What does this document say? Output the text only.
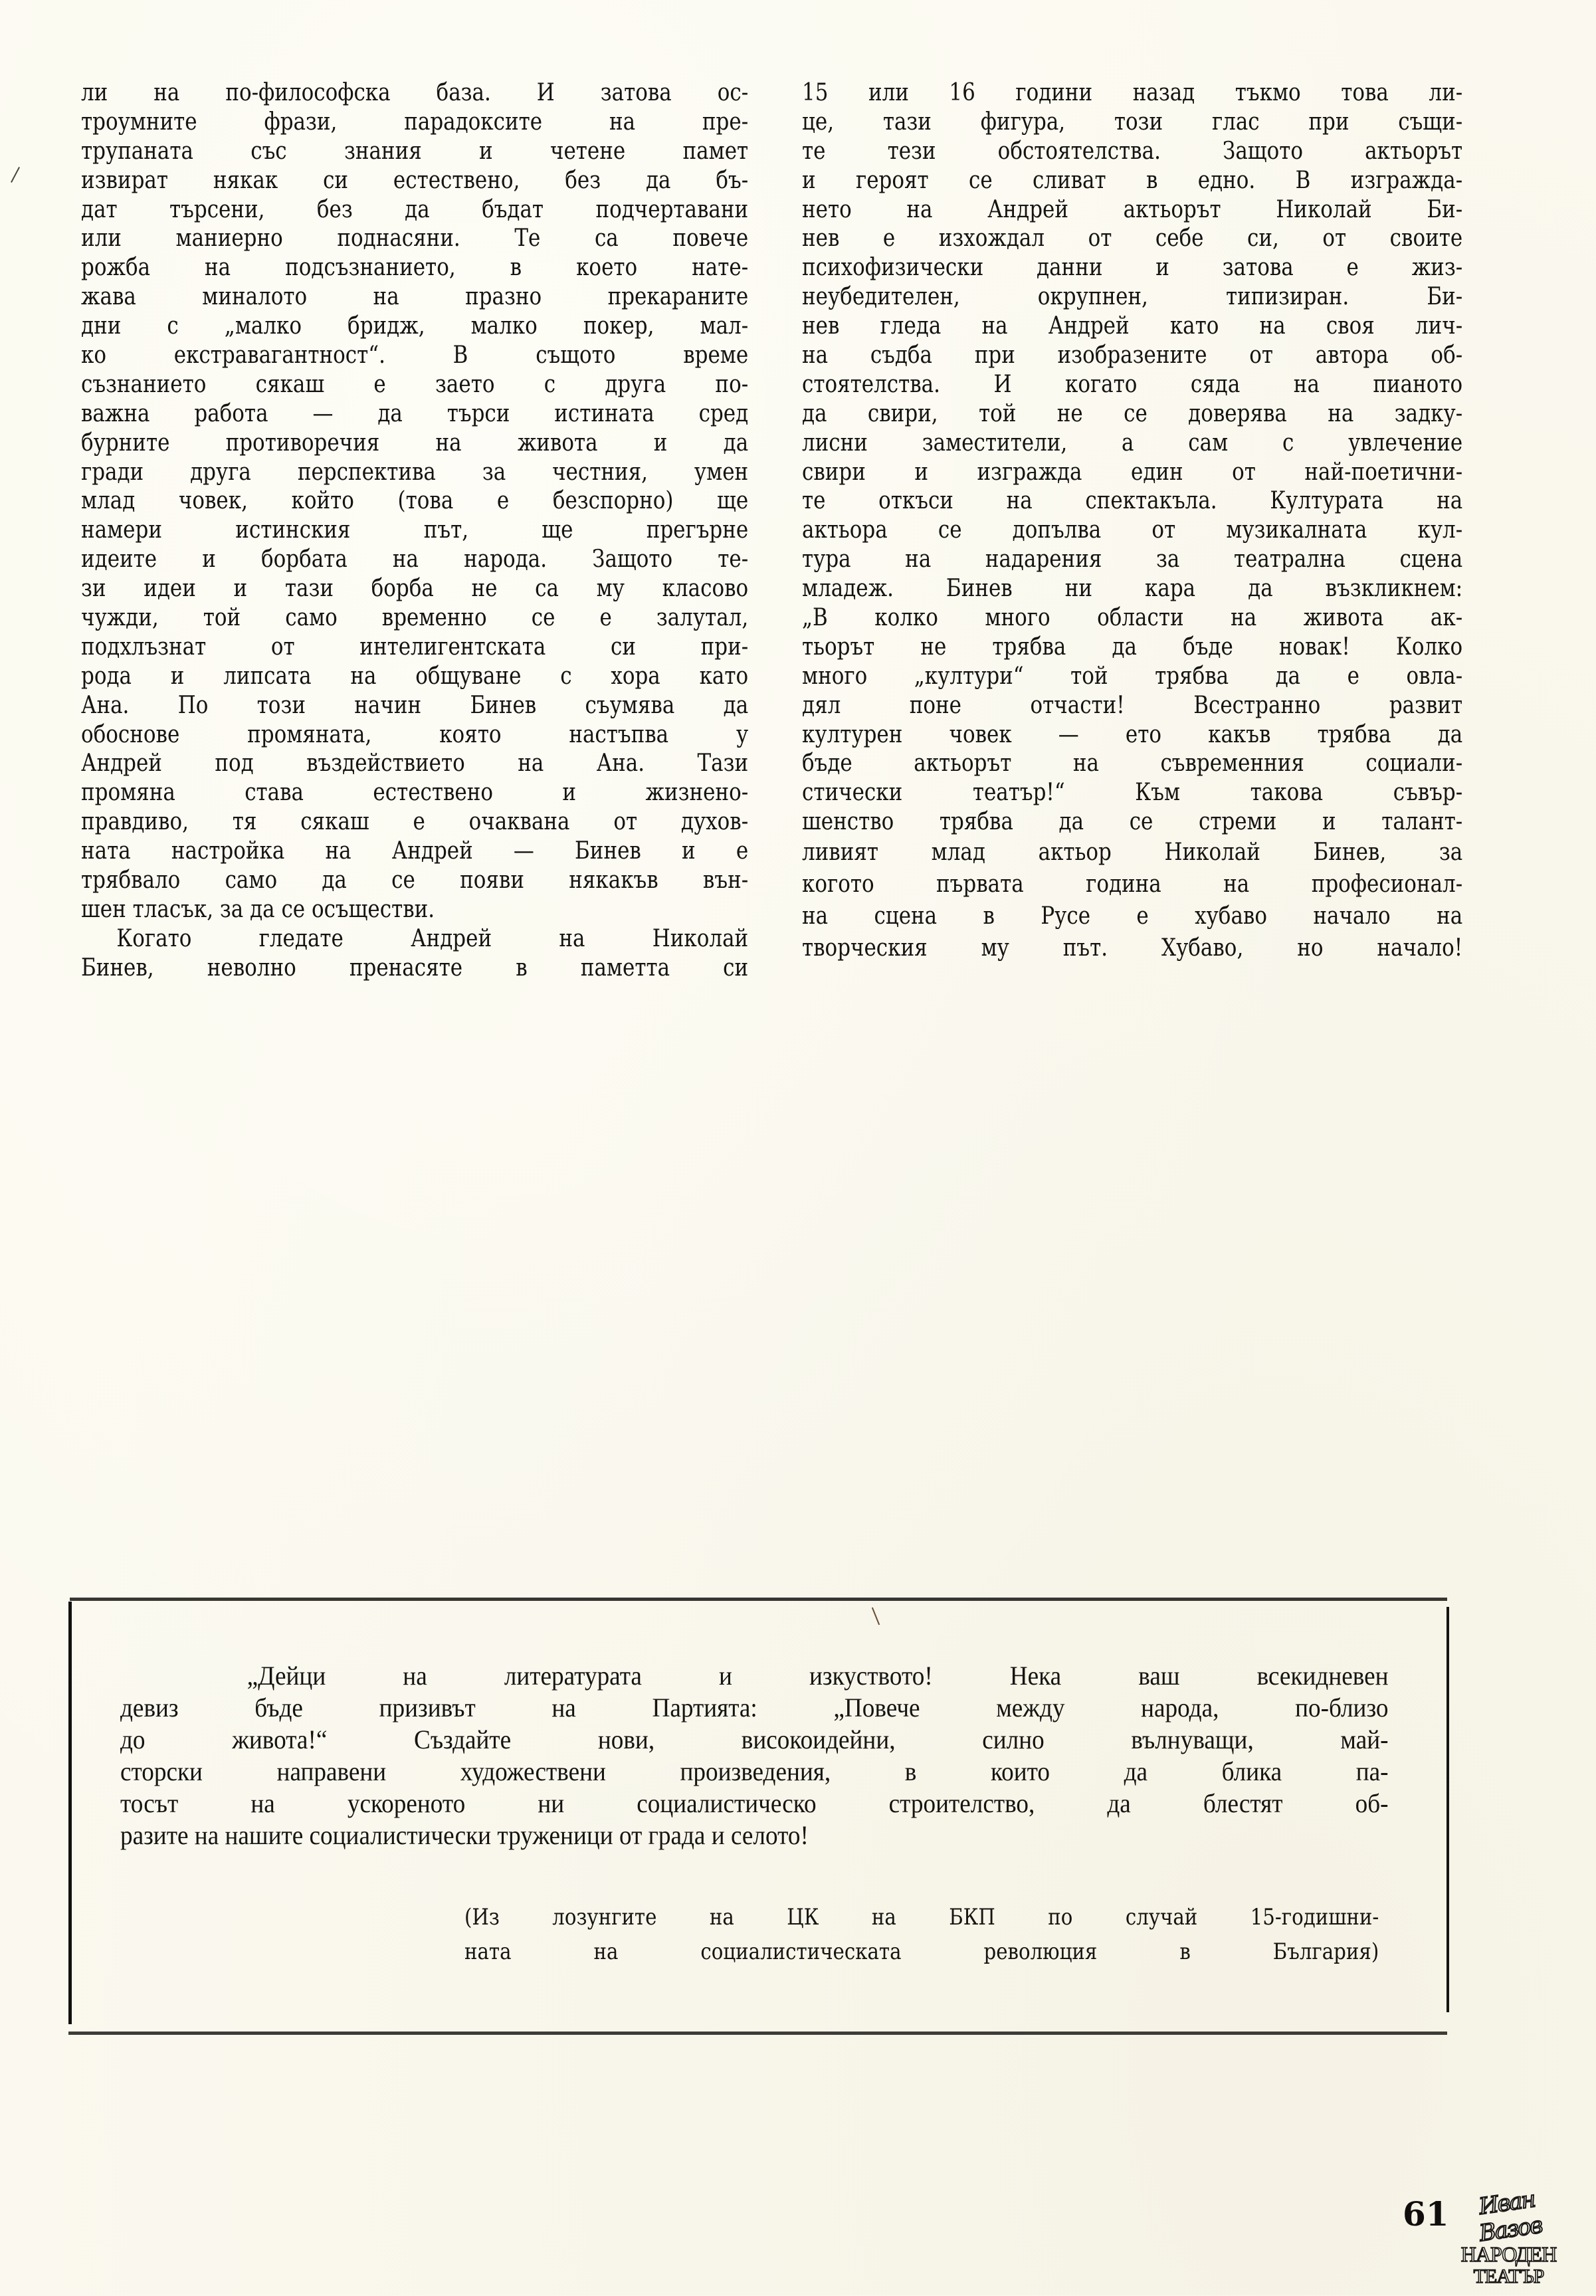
ли на по-философска база. И затова ос-
троумните фрази, парадоксите на пре-
трупаната със знания и четене памет
извират някак си естествено, без да бъ-
дат търсени, без да бъдат подчертавани
или маниерно поднасяни. Те са повече
рожба на подсъзнанието, в което нате-
жава миналото на празно прекараните
дни с „малко бридж, малко покер, мал-
ко екстравагантност“. В същото време
съзнанието сякаш е заето с друга по-
важна работа — да търси истината сред
бурните противоречия на живота и да
гради друга перспектива за честния, умен
млад човек, който (това е безспорно) ще
намери истинския път, ще прегърне
идеите и борбата на народа. Защото те-
зи идеи и тази борба не са му класово
чужди, той само временно се е залутал,
подхлъзнат от интелигентската си при-
рода и липсата на общуване с хора като
Ана. По този начин Бинев съумява да
обоснове промяната, която настъпва у
Андрей под въздействието на Ана. Тази
промяна става естествено и жизнено-
правдиво, тя сякаш е очаквана от духов-
ната настройка на Андрей — Бинев и е
трябвало само да се появи някакъв вън-
шен тласък, за да се осъществи.
Когато гледате Андрей на Николай
Бинев, неволно пренасяте в паметта си
15 или 16 години назад тъкмо това ли-
це, тази фигура, този глас при същи-
те тези обстоятелства. Защото актьорът
и героят се сливат в едно. В изграждa-
нето на Андрей актьорът Николай Би-
нев е изхождал от себе си, от своите
психофизически данни и затова е жиз-
неубедителен, окрупнен, типизиран. Би-
нев гледа на Андрей като на своя лич-
на съдба при изобразените от автора об-
стоятелства. И когато сяда на пианото
да свири, той не се доверява на задку-
лисни заместители, а сам с увлечение
свири и изгражда един от най-поетични-
те откъси на спектакъла. Културата на
актьора се допълва от музикалната кул-
тура на надарения за театрална сцена
младеж. Бинев ни кара да възкликнем:
„В колко много области на живота ак-
тьорът не трябва да бъде новак! Колко
много „култури“ той трябва да е овла-
дял поне отчасти! Всестранно развит
културен човек — ето какъв трябва да
бъде актьорът на съвременния социали-
стически театър!“ Към такова съвър-
шенство трябва да се стреми и талант-
ливият млад актьор Николай Бинев, за
когото първата година на професионал-
на сцена в Русе е хубаво начало на
творческия му път. Хубаво, но начало!
„Дейци на литературата и изкуството! Нека ваш всекидневен
девиз бъде призивът на Партията: „Повече между народа, по-близо
до живота!“ Създайте нови, високоидейни, силно вълнуващи, май-
сторски направени художествени произведения, в които да блика па-
тосът на ускореното ни социалистическо строителство, да блестят об-
разите на нашите социалистически труженици от града и селото!
(Из лозунгите на ЦК на БКП по случай 15-годишни-
ната на социалистическата революция в България)
61	Иван Вазов
НАРОДЕН
ТЕАТЪР
